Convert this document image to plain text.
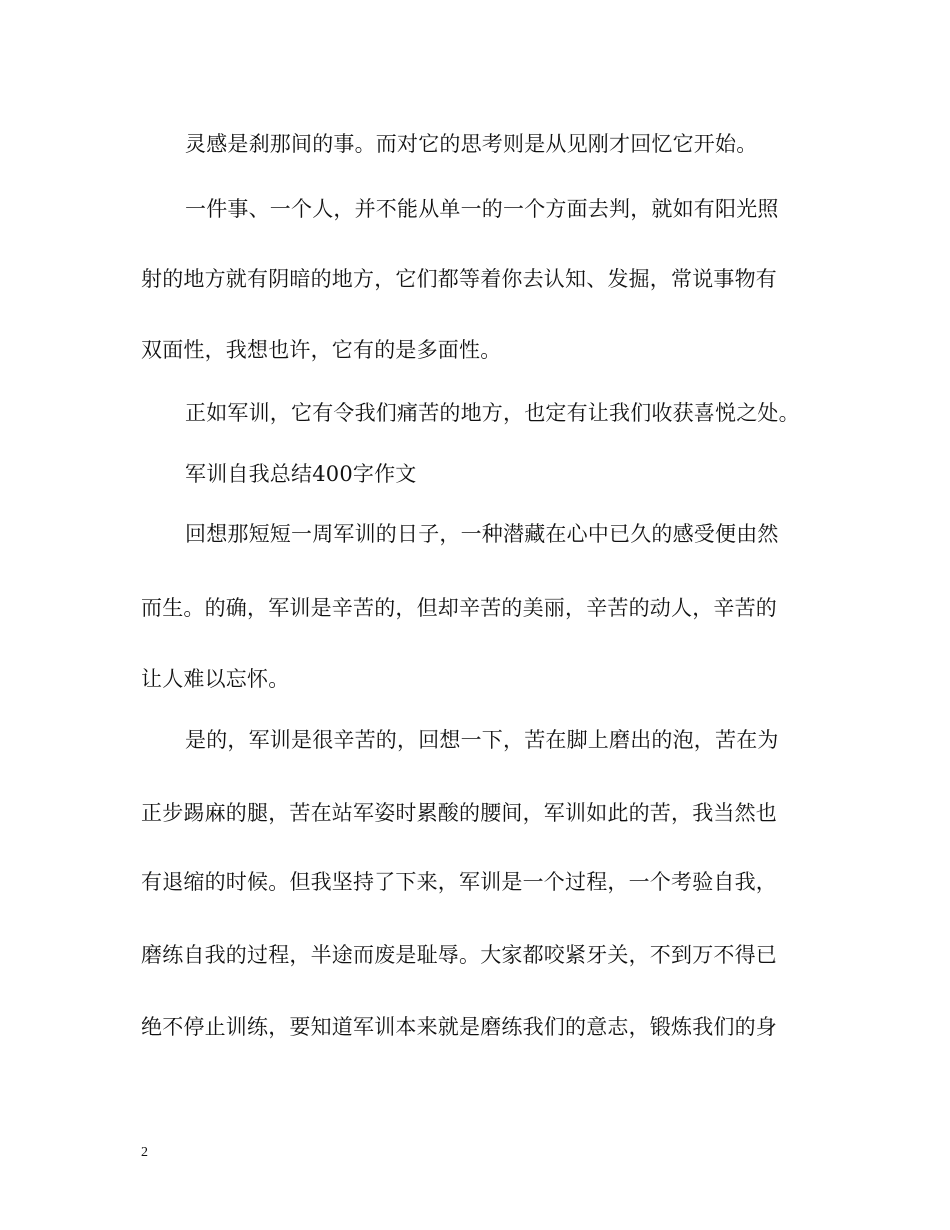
灵感是刹那间的事。而对它的思考则是从见刚才回忆它开始。
一件事、一个人，并不能从单一的一个方面去判，就如有阳光照
射的地方就有阴暗的地方，它们都等着你去认知、发掘，常说事物有
双面性，我想也许，它有的是多面性。
正如军训，它有令我们痛苦的地方，也定有让我们收获喜悦之处。
军训自我总结400字作文
回想那短短一周军训的日子，一种潜藏在心中已久的感受便由然
而生。的确，军训是辛苦的，但却辛苦的美丽，辛苦的动人，辛苦的
让人难以忘怀。
是的，军训是很辛苦的，回想一下，苦在脚上磨出的泡，苦在为
正步踢麻的腿，苦在站军姿时累酸的腰间，军训如此的苦，我当然也
有退缩的时候。但我坚持了下来，军训是一个过程，一个考验自我，
磨练自我的过程，半途而废是耻辱。大家都咬紧牙关，不到万不得已
绝不停止训练，要知道军训本来就是磨练我们的意志，锻炼我们的身
2
